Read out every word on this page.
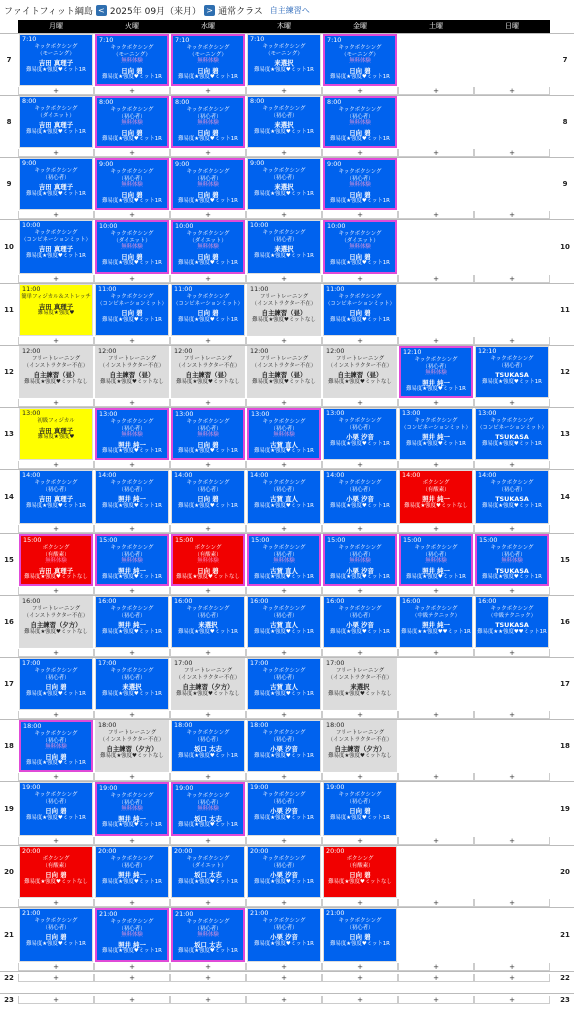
ファイトフィット綱島 < 2025年 09月（来月） > 通常クラス 自主練習へ
月曜	火曜	水曜	木曜	金曜	土曜	日曜
7	7
7:10
キックボクシング
（モーニング）
吉田 真理子
難易度★強度♥ミット1R
+
7:10
キックボクシング
（モーニング）
無料体験
日向 碧
難易度★強度♥ミット1R
+
7:10
キックボクシング
（モーニング）
無料体験
日向 碧
難易度★強度♥ミット1R
+
7:10
キックボクシング
（モーニング）
来選択
難易度★強度♥ミット1R
+
7:10
キックボクシング
（モーニング）
無料体験
日向 碧
難易度★強度♥ミット1R
+	+	+
8	8
8:00
キックボクシング
（ダイエット）
吉田 真理子
難易度★強度♥ミット1R
+
8:00
キックボクシング
（初心者）
無料体験
日向 碧
難易度★強度♥ミット1R
+
8:00
キックボクシング
（初心者）
無料体験
日向 碧
難易度★強度♥ミット1R
+
8:00
キックボクシング
（初心者）
来選択
難易度★強度♥ミット1R
+
8:00
キックボクシング
（初心者）
無料体験
日向 碧
難易度★強度♥ミット1R
+	+	+
9	9
9:00
キックボクシング
（初心者）
吉田 真理子
難易度★強度♥ミット1R
+
9:00
キックボクシング
（初心者）
無料体験
日向 碧
難易度★強度♥ミット1R
+
9:00
キックボクシング
（初心者）
無料体験
日向 碧
難易度★強度♥ミット1R
+
9:00
キックボクシング
（初心者）
来選択
難易度★強度♥ミット1R
+
9:00
キックボクシング
（初心者）
無料体験
日向 碧
難易度★強度♥ミット1R
+	+	+
10	10
10:00
キックボクシング
（コンビネーションミット）
吉田 真理子
難易度★強度♥ミット1R
+
10:00
キックボクシング
（ダイエット）
無料体験
日向 碧
難易度★強度♥ミット1R
+
10:00
キックボクシング
（ダイエット）
無料体験
日向 碧
難易度★強度♥ミット1R
+
10:00
キックボクシング
（初心者）
来選択
難易度★強度♥ミット1R
+
10:00
キックボクシング
（ダイエット）
無料体験
日向 碧
難易度★強度♥ミット1R
+	+	+
11	11
11:00
簡単フィジカル＆ストレッチ
吉田 真理子
難易度★強度♥
+
11:00
キックボクシング
（コンビネーションミット）
日向 碧
難易度★強度♥ミット1R
+
11:00
キックボクシング
（コンビネーションミット）
日向 碧
難易度★強度♥ミット1R
+
11:00
フリートレーニング
（インストラクター不在）
自主練習（昼）
難易度★強度♥ミットなし
+
11:00
キックボクシング
（コンビネーションミット）
日向 碧
難易度★強度♥ミット1R
+	+	+
12	12
12:00
フリートレーニング
（インストラクター不在）
自主練習（昼）
難易度★強度♥ミットなし
+
12:00
フリートレーニング
（インストラクター不在）
自主練習（昼）
難易度★強度♥ミットなし
+
12:00
フリートレーニング
（インストラクター不在）
自主練習（昼）
難易度★強度♥ミットなし
+
12:00
フリートレーニング
（インストラクター不在）
自主練習（昼）
難易度★強度♥ミットなし
+
12:00
フリートレーニング
（インストラクター不在）
自主練習（昼）
難易度★強度♥ミットなし
+
12:10
キックボクシング
（初心者）
無料体験
照井 純一
難易度★強度♥ミット1R
+
12:10
キックボクシング
（初心者）
TSUKASA
難易度★強度♥ミット1R
+
13	13
13:00
初級フィジカル
吉田 真理子
難易度★強度♥
+
13:00
キックボクシング
（初心者）
無料体験
照井 純一
難易度★強度♥ミット1R
+
13:00
キックボクシング
（初心者）
無料体験
日向 碧
難易度★強度♥ミット1R
+
13:00
キックボクシング
（初心者）
無料体験
古賀 直人
難易度★強度♥ミット1R
+
13:00
キックボクシング
（初心者）
小栗 汐音
難易度★強度♥ミット1R
+
13:00
キックボクシング
（コンビネーションミット）
照井 純一
難易度★強度♥ミット1R
+
13:00
キックボクシング
（コンビネーションミット）
TSUKASA
難易度★強度♥ミット1R
+
14	14
14:00
キックボクシング
（初心者）
吉田 真理子
難易度★強度♥ミット1R
+
14:00
キックボクシング
（初心者）
照井 純一
難易度★強度♥ミット1R
+
14:00
キックボクシング
（初心者）
日向 碧
難易度★強度♥ミット1R
+
14:00
キックボクシング
（初心者）
古賀 直人
難易度★強度♥ミット1R
+
14:00
キックボクシング
（初心者）
小栗 汐音
難易度★強度♥ミット1R
+
14:00
ボクシング
（有酸素）
照井 純一
難易度★強度♥ミットなし
+
14:00
キックボクシング
（初心者）
TSUKASA
難易度★強度♥ミット1R
+
15	15
15:00
ボクシング
（有酸素）
無料体験
吉田 真理子
難易度★強度♥ミットなし
+
15:00
キックボクシング
（初心者）
無料体験
照井 純一
難易度★強度♥ミット1R
+
15:00
ボクシング
（有酸素）
無料体験
日向 碧
難易度★強度♥ミットなし
+
15:00
キックボクシング
（初心者）
無料体験
古賀 直人
難易度★強度♥ミット1R
+
15:00
キックボクシング
（初心者）
無料体験
小栗 汐音
難易度★強度♥ミット1R
+
15:00
キックボクシング
（初心者）
無料体験
照井 純一
難易度★強度♥ミット1R
+
15:00
キックボクシング
（初心者）
無料体験
TSUKASA
難易度★強度♥ミット1R
+
16	16
16:00
フリートレーニング
（インストラクター不在）
自主練習（夕方）
難易度★強度♥ミットなし
+
16:00
キックボクシング
（初心者）
照井 純一
難易度★強度♥ミット1R
+
16:00
キックボクシング
（初心者）
来選択
難易度★強度♥ミット1R
+
16:00
キックボクシング
（初心者）
古賀 直人
難易度★強度♥ミット1R
+
16:00
キックボクシング
（初心者）
小栗 汐音
難易度★強度♥ミット1R
+
16:00
キックボクシング
（中級テクニック）
照井 純一
難易度★★強度♥♥ミット1R
+
16:00
キックボクシング
（中級テクニック）
TSUKASA
難易度★★強度♥♥ミット1R
+
17	17
17:00
キックボクシング
（初心者）
日向 碧
難易度★強度♥ミット1R
+
17:00
キックボクシング
（初心者）
来選択
難易度★強度♥ミット1R
+
17:00
フリートレーニング
（インストラクター不在）
自主練習（夕方）
難易度★強度♥ミットなし
+
17:00
キックボクシング
（初心者）
古賀 直人
難易度★強度♥ミット1R
+
17:00
フリートレーニング
（インストラクター不在）
来選択
難易度★強度♥ミットなし
+	+	+
18	18
18:00
キックボクシング
（初心者）
無料体験
日向 碧
難易度★強度♥ミット1R
+
18:00
フリートレーニング
（インストラクター不在）
自主練習（夕方）
難易度★強度♥ミットなし
+
18:00
キックボクシング
（初心者）
坂口 太志
難易度★強度♥ミット1R
+
18:00
キックボクシング
（初心者）
小栗 汐音
難易度★強度♥ミット1R
+
18:00
フリートレーニング
（インストラクター不在）
自主練習（夕方）
難易度★強度♥ミットなし
+	+	+
19	19
19:00
キックボクシング
（初心者）
日向 碧
難易度★強度♥ミット1R
+
19:00
キックボクシング
（初心者）
無料体験
照井 純一
難易度★強度♥ミット1R
+
19:00
キックボクシング
（初心者）
無料体験
坂口 太志
難易度★強度♥ミット1R
+
19:00
キックボクシング
（初心者）
小栗 汐音
難易度★強度♥ミット1R
+
19:00
キックボクシング
（初心者）
日向 碧
難易度★強度♥ミット1R
+	+	+
20	20
20:00
ボクシング
（有酸素）
日向 碧
難易度★強度♥ミットなし
+
20:00
キックボクシング
（初心者）
照井 純一
難易度★強度♥ミット1R
+
20:00
キックボクシング
（ダイエット）
坂口 太志
難易度★強度♥ミット1R
+
20:00
キックボクシング
（初心者）
小栗 汐音
難易度★強度♥ミット1R
+
20:00
ボクシング
（有酸素）
日向 碧
難易度★強度♥ミットなし
+	+	+
21	21
21:00
キックボクシング
（初心者）
日向 碧
難易度★強度♥ミット1R
+
21:00
キックボクシング
（初心者）
無料体験
照井 純一
難易度★強度♥ミット1R
+
21:00
キックボクシング
（初心者）
無料体験
坂口 太志
難易度★強度♥ミット1R
+
21:00
キックボクシング
（初心者）
小栗 汐音
難易度★強度♥ミット1R
+
21:00
キックボクシング
（初心者）
日向 碧
難易度★強度♥ミット1R
+	+	+
22	22
+	+	+	+	+	+	+
23	23
+	+	+	+	+	+	+
